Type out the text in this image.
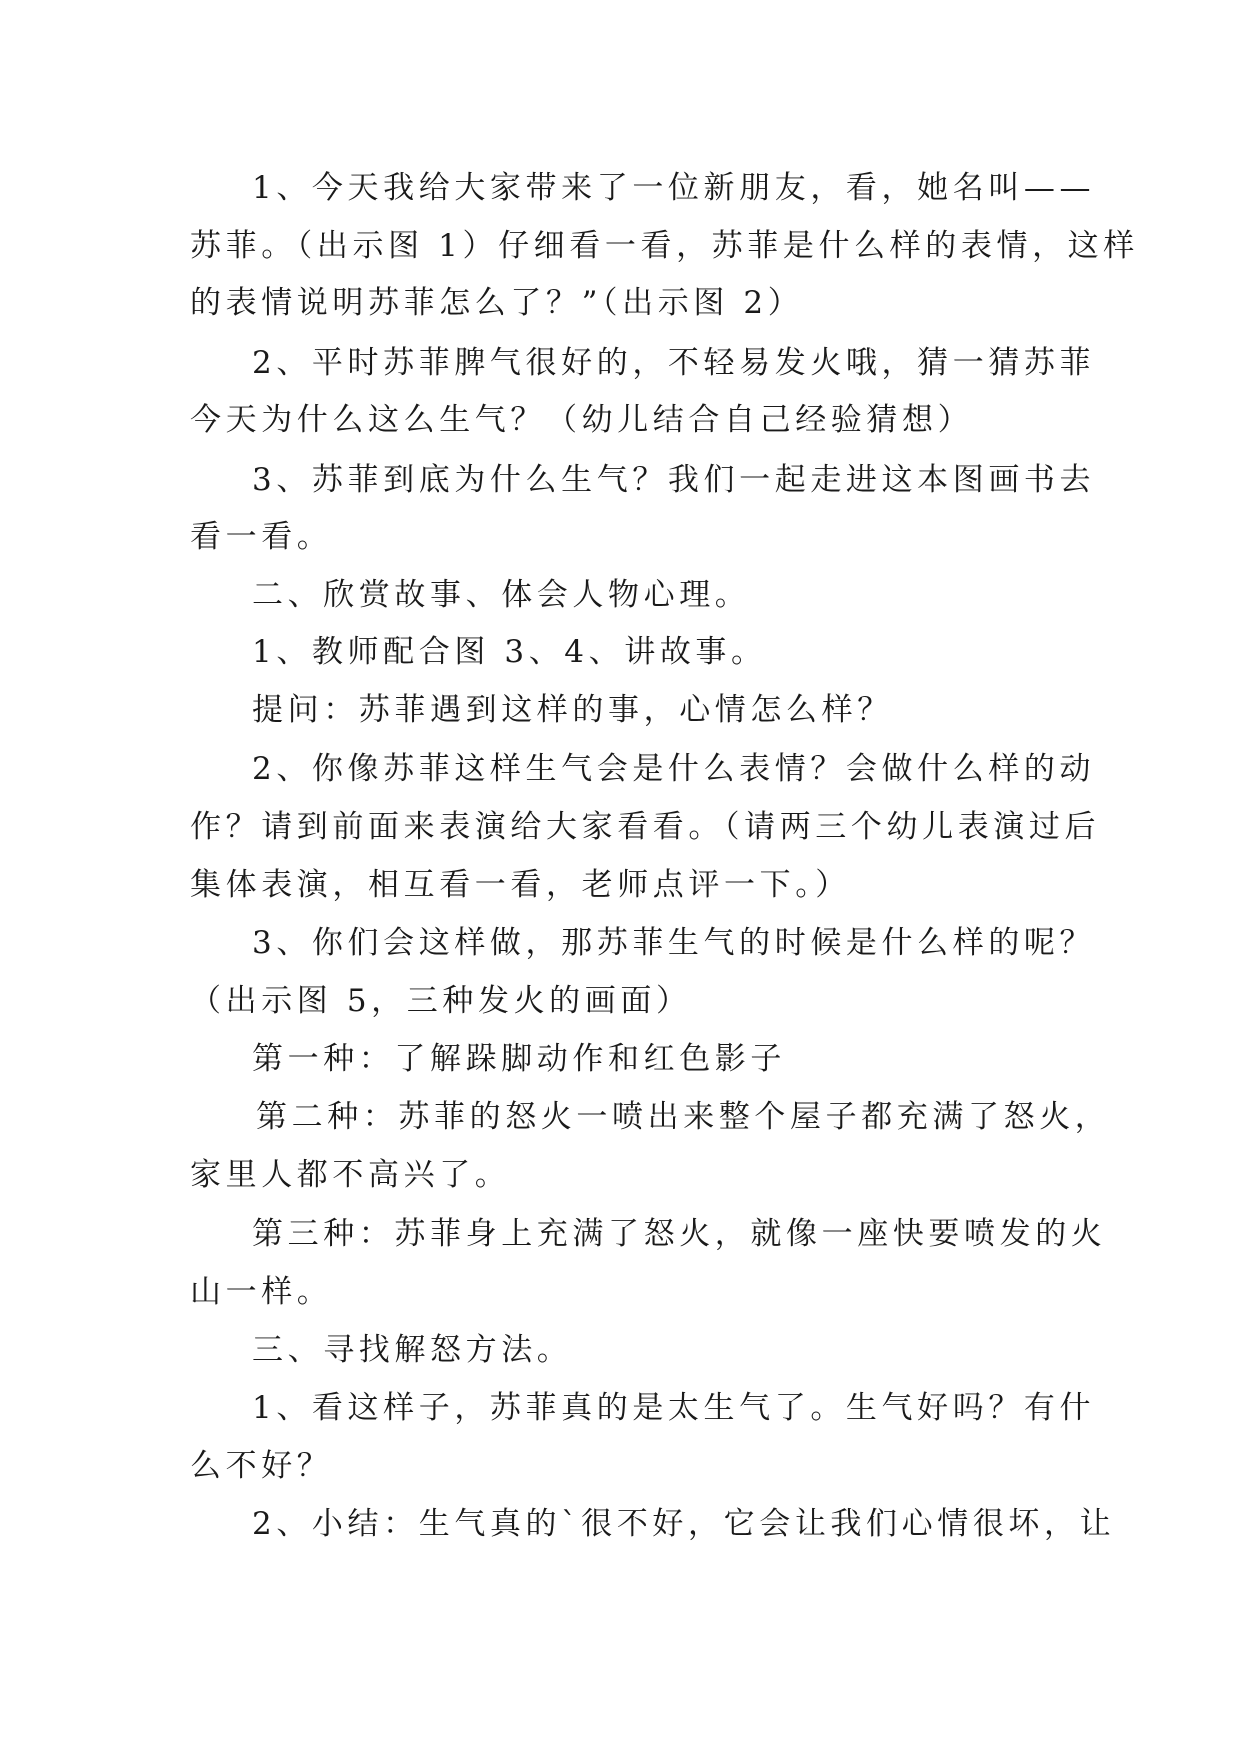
1、今天我给大家带来了一位新朋友，看，她名叫——
苏菲。（出示图 1）仔细看一看，苏菲是什么样的表情，这样
的表情说明苏菲怎么了？”（出示图 2）
2、平时苏菲脾气很好的，不轻易发火哦，猜一猜苏菲
今天为什么这么生气？（幼儿结合自己经验猜想）
3、苏菲到底为什么生气？我们一起走进这本图画书去
看一看。
二、欣赏故事、体会人物心理。
1、教师配合图 3、4、讲故事。
提问：苏菲遇到这样的事，心情怎么样？
2、你像苏菲这样生气会是什么表情？会做什么样的动
作？请到前面来表演给大家看看。（请两三个幼儿表演过后
集体表演，相互看一看，老师点评一下。）
3、你们会这样做，那苏菲生气的时候是什么样的呢？
（出示图 5，三种发火的画面）
第一种：了解跺脚动作和红色影子
第二种：苏菲的怒火一喷出来整个屋子都充满了怒火，
家里人都不高兴了。
第三种：苏菲身上充满了怒火，就像一座快要喷发的火
山一样。
三、寻找解怒方法。
1、看这样子，苏菲真的是太生气了。生气好吗？有什
么不好？
2、小结：生气真的`很不好，它会让我们心情很坏，让
